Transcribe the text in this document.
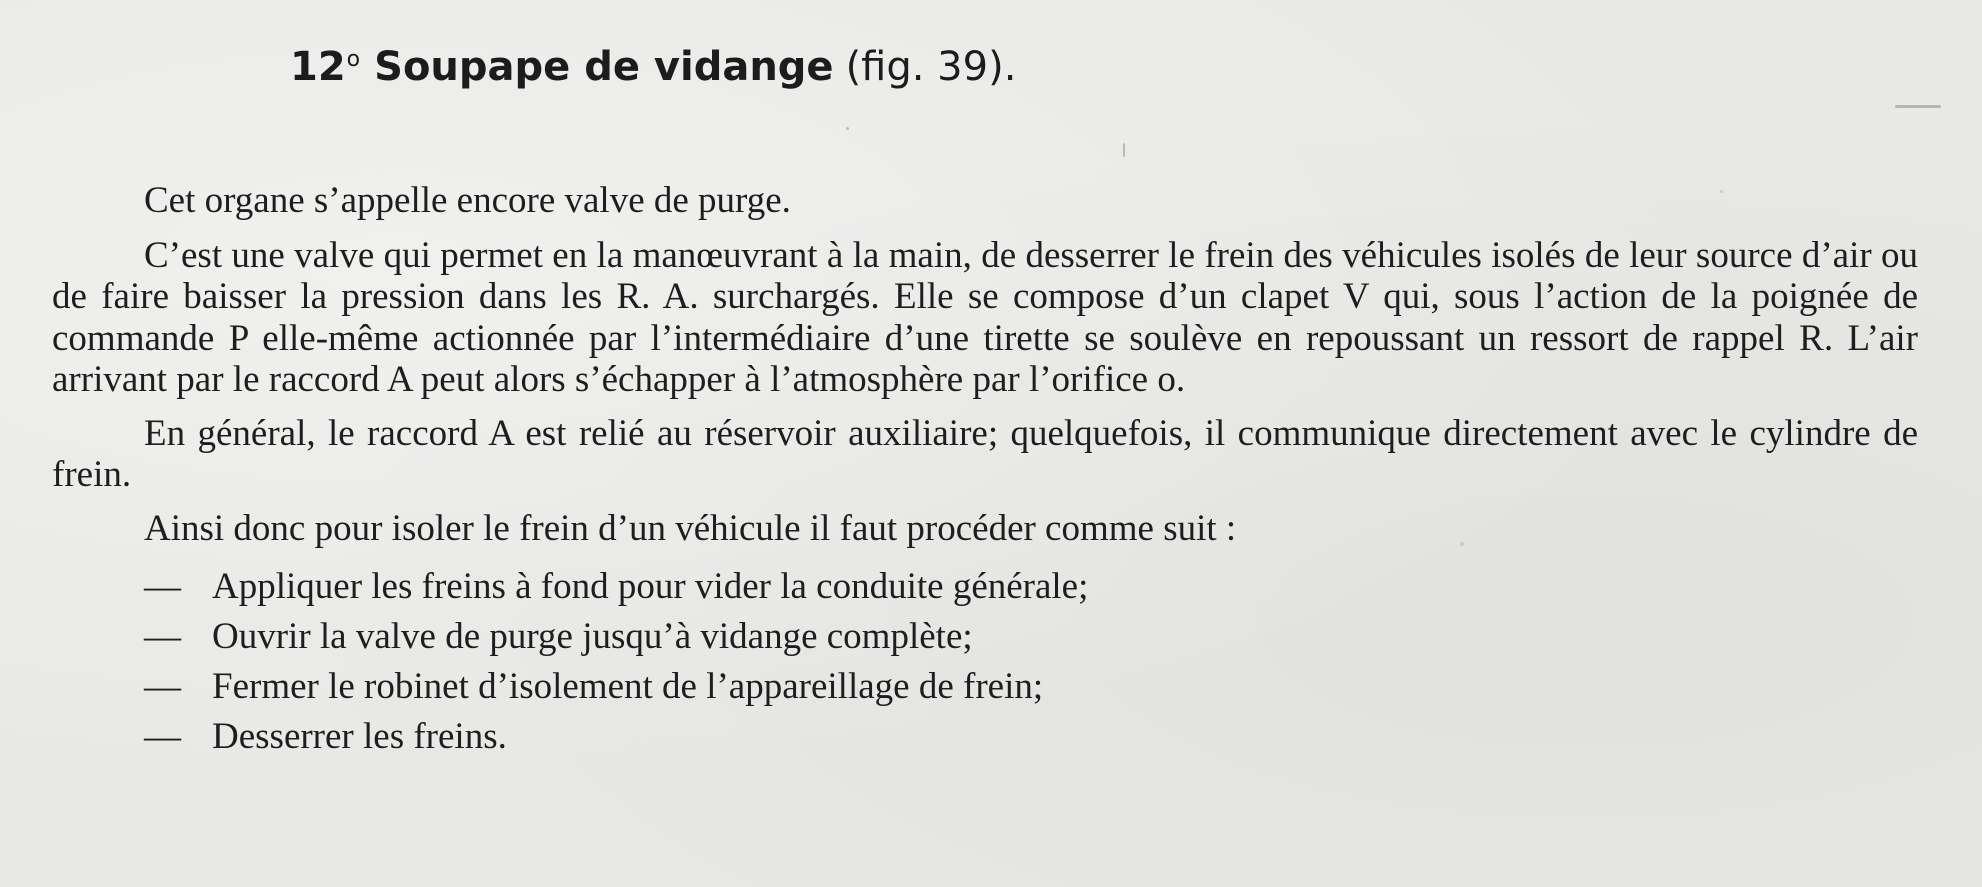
12$^o$ Soupape de vidange (fig. 39).

Cet organe s’appelle encore valve de purge.

C’est une valve qui permet en la manœuvrant à la main, de desserrer le frein des véhicules isolés de leur source d’air ou de faire baisser la pression dans les R. A. surchargés. Elle se compose d’un clapet V qui, sous l’action de la poignée de commande P elle-même actionnée par l’intermédiaire d’une tirette se soulève en repoussant un ressort de rappel R. L’air arrivant par le raccord A peut alors s’échapper à l’atmosphère par l’orifice o.

En général, le raccord A est relié au réservoir auxiliaire; quelquefois, il communique directement avec le cylindre de frein.

Ainsi donc pour isoler le frein d’un véhicule il faut procéder comme suit :

— Appliquer les freins à fond pour vider la conduite générale;
— Ouvrir la valve de purge jusqu’à vidange complète;
— Fermer le robinet d’isolement de l’appareillage de frein;
— Desserrer les freins.
